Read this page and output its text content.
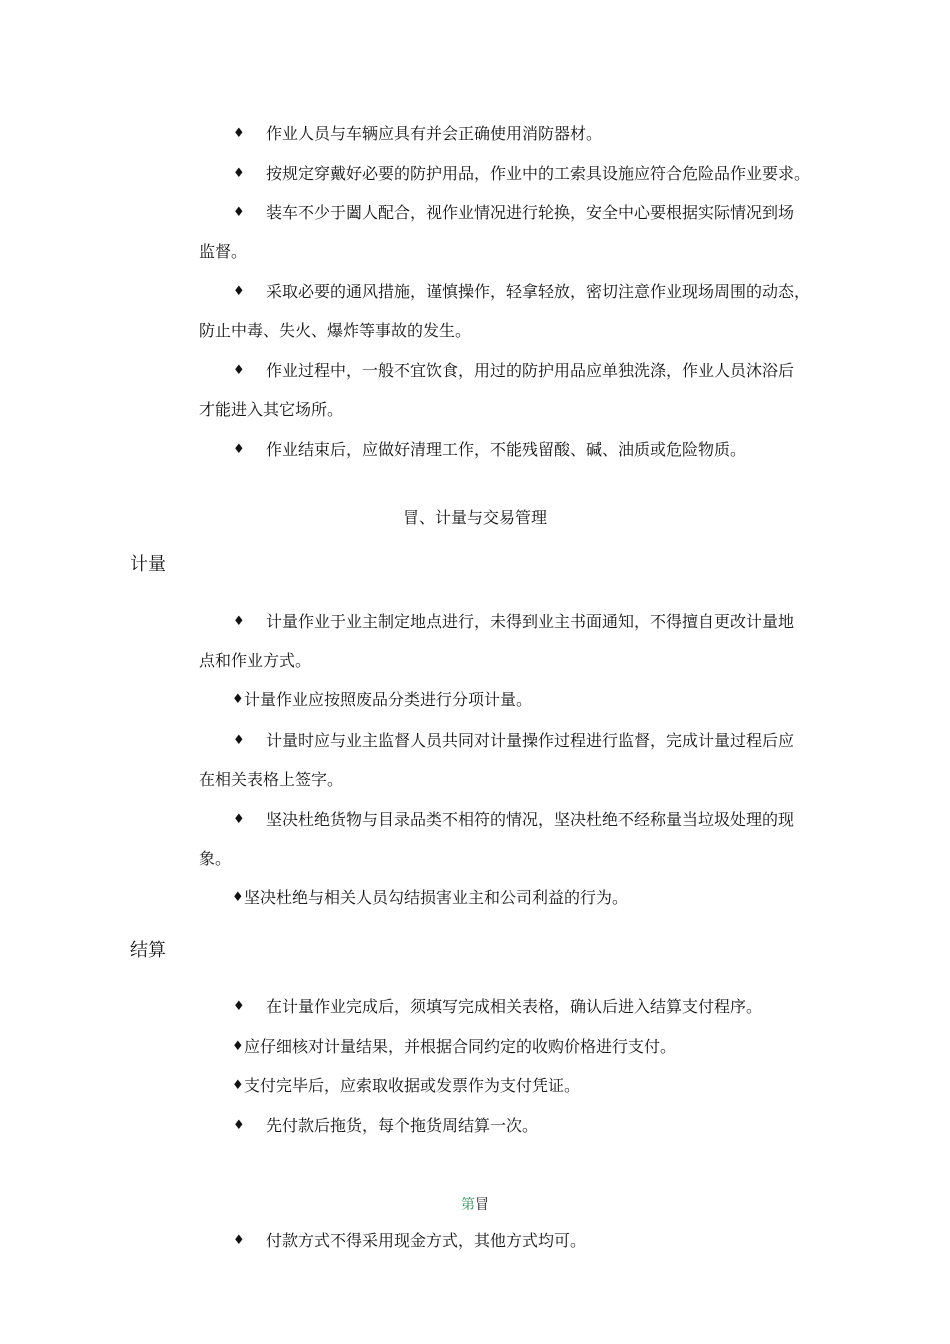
♦ 作业人员与车辆应具有并会正确使用消防器材。
♦ 按规定穿戴好必要的防护用品，作业中的工索具设施应符合危险品作业要求。
♦ 装车不少于闔人配合，视作业情况进行轮换，安全中心要根据实际情况到场
监督。
♦ 采取必要的通风措施，谨慎操作，轻拿轻放，密切注意作业现场周围的动态，
防止中毒、失火、爆炸等事故的发生。
♦ 作业过程中，一般不宜饮食，用过的防护用品应单独洗涤，作业人员沐浴后
才能进入其它场所。
♦ 作业结束后，应做好清理工作，不能残留酸、碱、油质或危险物质。
冒、计量与交易管理
计量
♦ 计量作业于业主制定地点进行，未得到业主书面通知，不得擅自更改计量地
点和作业方式。
♦ 计量作业应按照废品分类进行分项计量。
♦ 计量时应与业主监督人员共同对计量操作过程进行监督，完成计量过程后应
在相关表格上签字。
♦ 坚决杜绝货物与目录品类不相符的情况，坚决杜绝不经称量当垃圾处理的现
象。
♦ 坚决杜绝与相关人员勾结损害业主和公司利益的行为。
结算
♦ 在计量作业完成后，须填写完成相关表格，确认后进入结算支付程序。
♦ 应仔细核对计量结果，并根据合同约定的收购价格进行支付。
♦ 支付完毕后，应索取收据或发票作为支付凭证。
♦ 先付款后拖货，每个拖货周结算一次。
第冒
♦ 付款方式不得采用现金方式，其他方式均可。
